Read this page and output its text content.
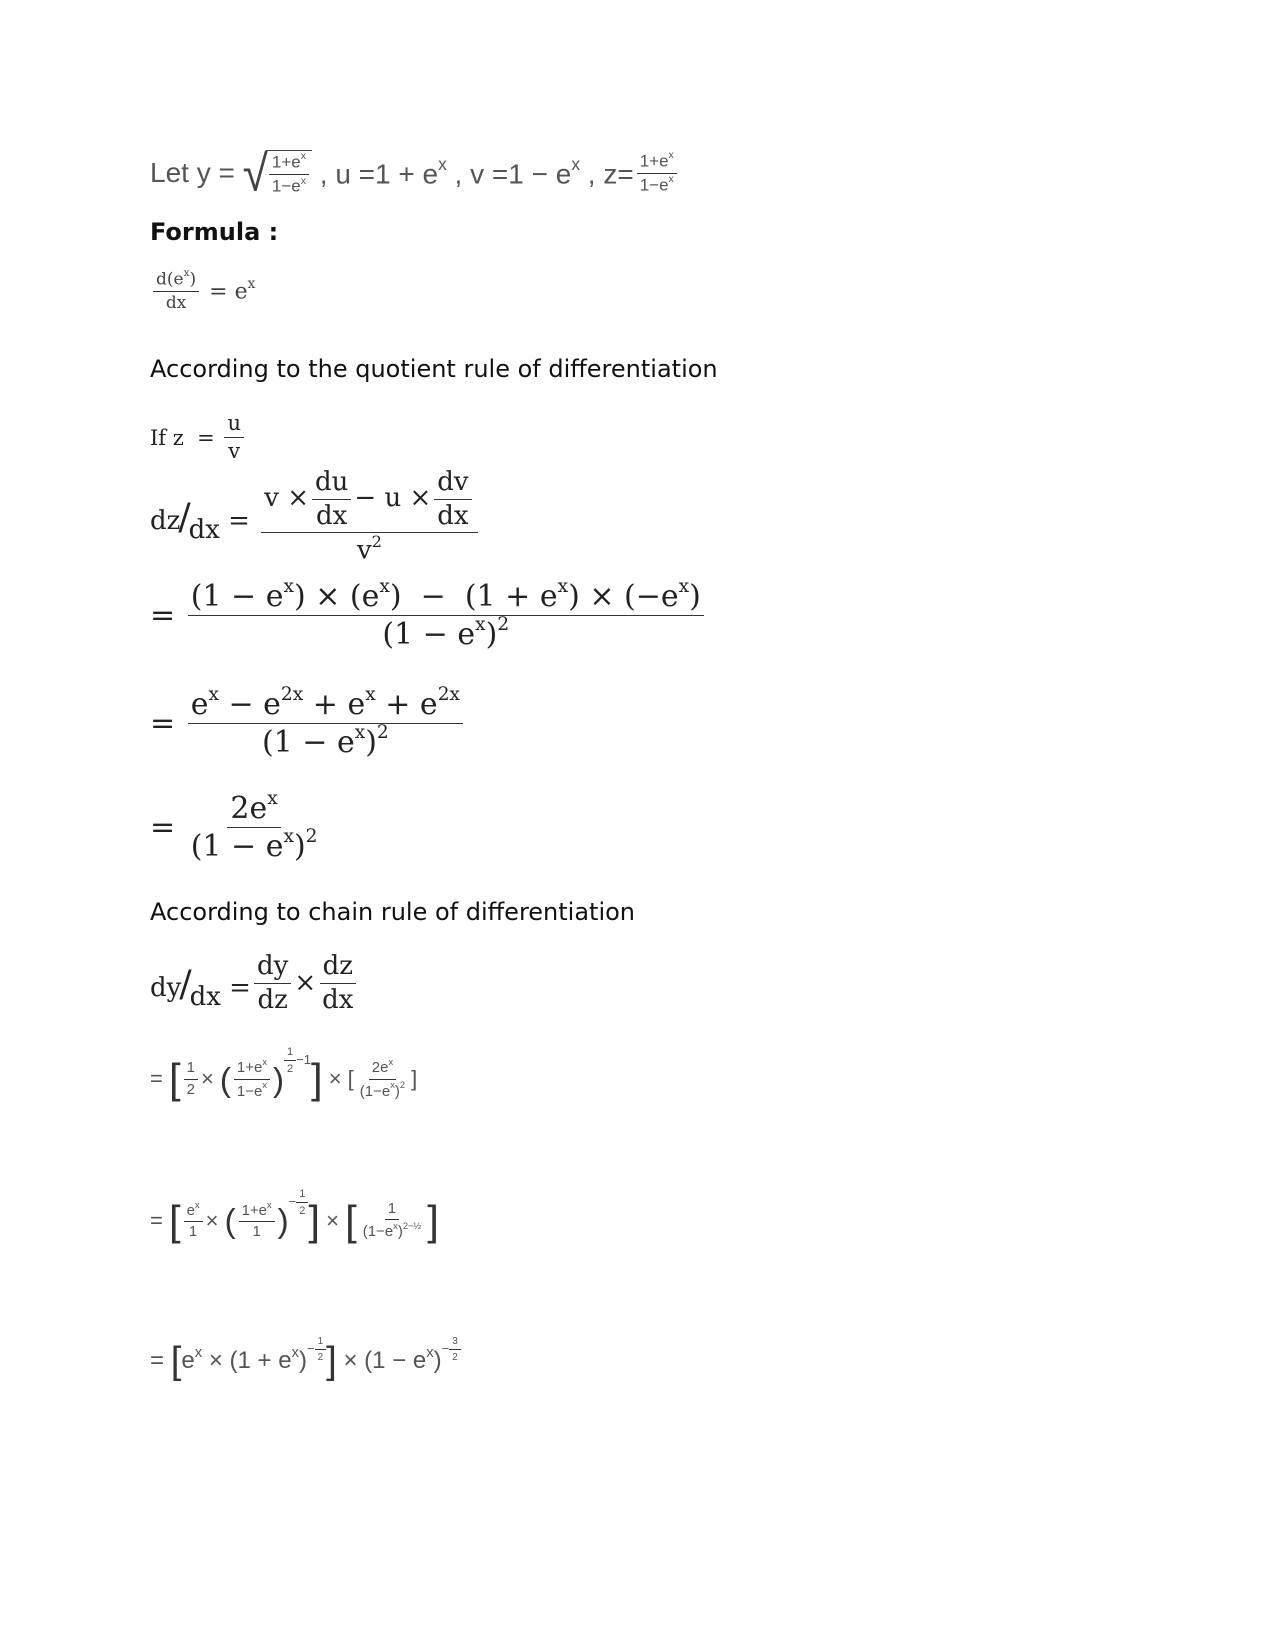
Let y = √ $\frac{1+e^x}{1-e^x}$ , $u =1 + e^x$ , $v =1 - e^x$ , $z= \frac{1+e^x}{1-e^x}$
Formula :
$\frac{d(e^x)}{dx} = e^x$
According to the quotient rule of differentiation
If $z = \frac{u}{v}$
$dz/dx = \frac{v \times \frac{du}{dx} - u \times \frac{dv}{dx}}{v^2}$
= $\frac{(1 - e^x) \times (e^x) - (1 + e^x) \times (-e^x)}{(1 - e^x)^2}$
= $\frac{e^x - e^{2x} + e^x + e^{2x}}{(1 - e^x)^2}$
= $\frac{2e^x}{(1 - e^x)^2}$
According to chain rule of differentiation
$dy/dx = \frac{dy}{dz} \times \frac{dz}{dx}$
= [ $\frac{1}{2}$ × ( $\frac{1+e^x}{1-e^x}$ ) $\frac{1}{2} -1$ ] × [ $\frac{2e^x}{(1-e^x)^2}$ ]
= [ $\frac{e^x}{1}$ × ( $\frac{1+e^x}{1}$ )
− $\frac{1}{2}$ ] × [ $\frac{1}{(1-e^x)^{2-\frac{1}{2}}}$ ]
= [ $e^x \times (1 + e^x) - \frac{1}{2}$ ] × $(1 - e^x) - \frac{3}{2}$
